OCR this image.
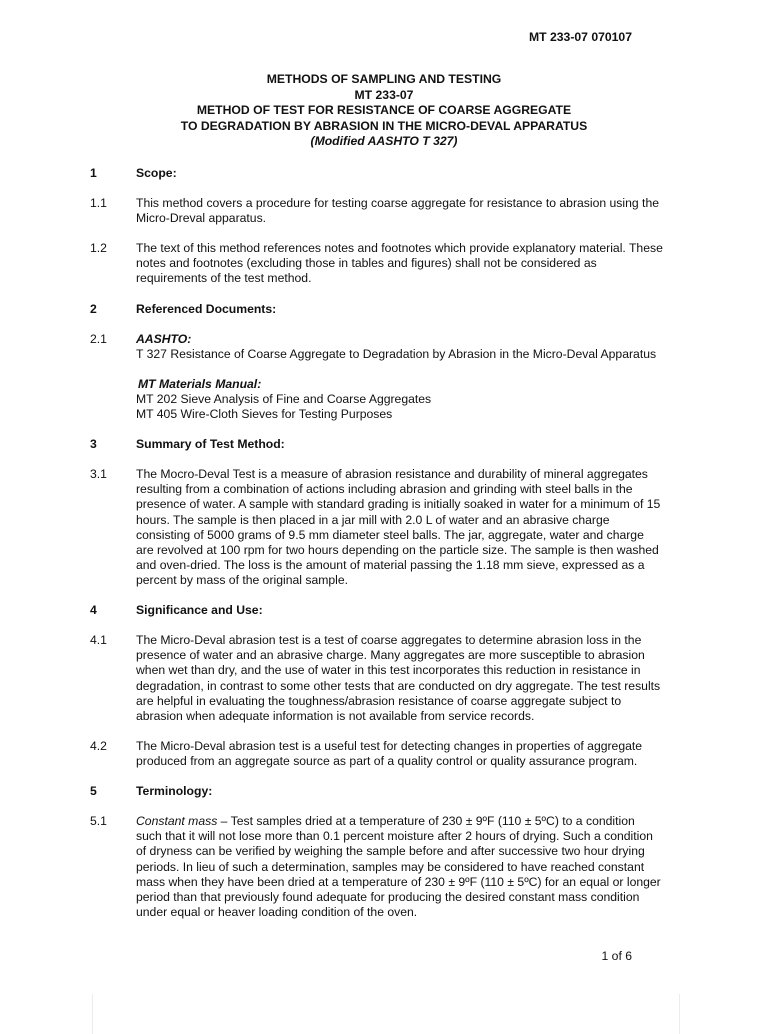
MT 233-07 070107
METHODS OF SAMPLING AND TESTING
MT 233-07
METHOD OF TEST FOR RESISTANCE OF COARSE AGGREGATE
TO DEGRADATION BY ABRASION IN THE MICRO-DEVAL APPARATUS
(Modified AASHTO T 327)
1	Scope:
1.1 This method covers a procedure for testing coarse aggregate for resistance to abrasion using the
Micro-Dreval apparatus.
1.2 The text of this method references notes and footnotes which provide explanatory material. These
notes and footnotes (excluding those in tables and figures) shall not be considered as
requirements of the test method.
2	Referenced Documents:
2.1 AASHTO:
T 327 Resistance of Coarse Aggregate to Degradation by Abrasion in the Micro-Deval Apparatus
MT Materials Manual:
MT 202 Sieve Analysis of Fine and Coarse Aggregates
MT 405 Wire-Cloth Sieves for Testing Purposes
3	Summary of Test Method:
3.1 The Mocro-Deval Test is a measure of abrasion resistance and durability of mineral aggregates
resulting from a combination of actions including abrasion and grinding with steel balls in the
presence of water. A sample with standard grading is initially soaked in water for a minimum of 15
hours. The sample is then placed in a jar mill with 2.0 L of water and an abrasive charge
consisting of 5000 grams of 9.5 mm diameter steel balls. The jar, aggregate, water and charge
are revolved at 100 rpm for two hours depending on the particle size. The sample is then washed
and oven-dried. The loss is the amount of material passing the 1.18 mm sieve, expressed as a
percent by mass of the original sample.
4	Significance and Use:
4.1 The Micro-Deval abrasion test is a test of coarse aggregates to determine abrasion loss in the
presence of water and an abrasive charge. Many aggregates are more susceptible to abrasion
when wet than dry, and the use of water in this test incorporates this reduction in resistance in
degradation, in contrast to some other tests that are conducted on dry aggregate. The test results
are helpful in evaluating the toughness/abrasion resistance of coarse aggregate subject to
abrasion when adequate information is not available from service records.
4.2 The Micro-Deval abrasion test is a useful test for detecting changes in properties of aggregate
produced from an aggregate source as part of a quality control or quality assurance program.
5	Terminology:
5.1 Constant mass – Test samples dried at a temperature of 230 ± 9ºF (110 ± 5ºC) to a condition
such that it will not lose more than 0.1 percent moisture after 2 hours of drying. Such a condition
of dryness can be verified by weighing the sample before and after successive two hour drying
periods. In lieu of such a determination, samples may be considered to have reached constant
mass when they have been dried at a temperature of 230 ± 9ºF (110 ± 5ºC) for an equal or longer
period than that previously found adequate for producing the desired constant mass condition
under equal or heaver loading condition of the oven.
1 of 6
